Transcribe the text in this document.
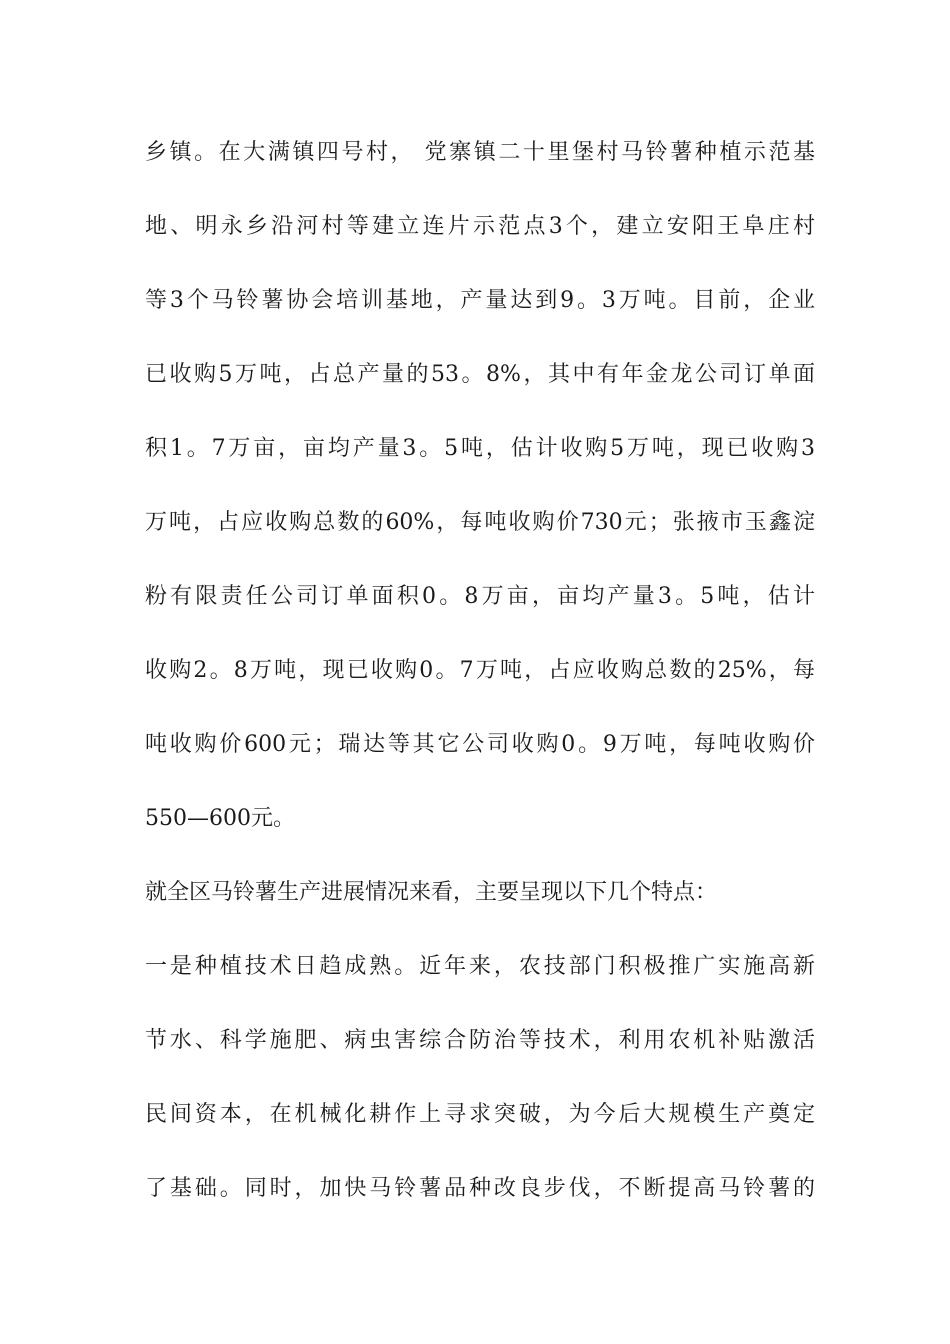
乡镇。在大满镇四号村， 党寨镇二十里堡村马铃薯种植示范基
地、明永乡沿河村等建立连片示范点3个，建立安阳王阜庄村
等3个马铃薯协会培训基地，产量达到9。3万吨。目前，企业
已收购5万吨，占总产量的53。8%，其中有年金龙公司订单面
积1。7万亩，亩均产量3。5吨，估计收购5万吨，现已收购3
万吨，占应收购总数的60%，每吨收购价730元；张掖市玉鑫淀
粉有限责任公司订单面积0。8万亩，亩均产量3。5吨，估计
收购2。8万吨，现已收购0。7万吨，占应收购总数的25%，每
吨收购价600元；瑞达等其它公司收购0。9万吨，每吨收购价
550—600元。
就全区马铃薯生产进展情况来看，主要呈现以下几个特点：
一是种植技术日趋成熟。近年来，农技部门积极推广实施高新
节水、科学施肥、病虫害综合防治等技术，利用农机补贴激活
民间资本，在机械化耕作上寻求突破，为今后大规模生产奠定
了基础。同时，加快马铃薯品种改良步伐，不断提高马铃薯的
